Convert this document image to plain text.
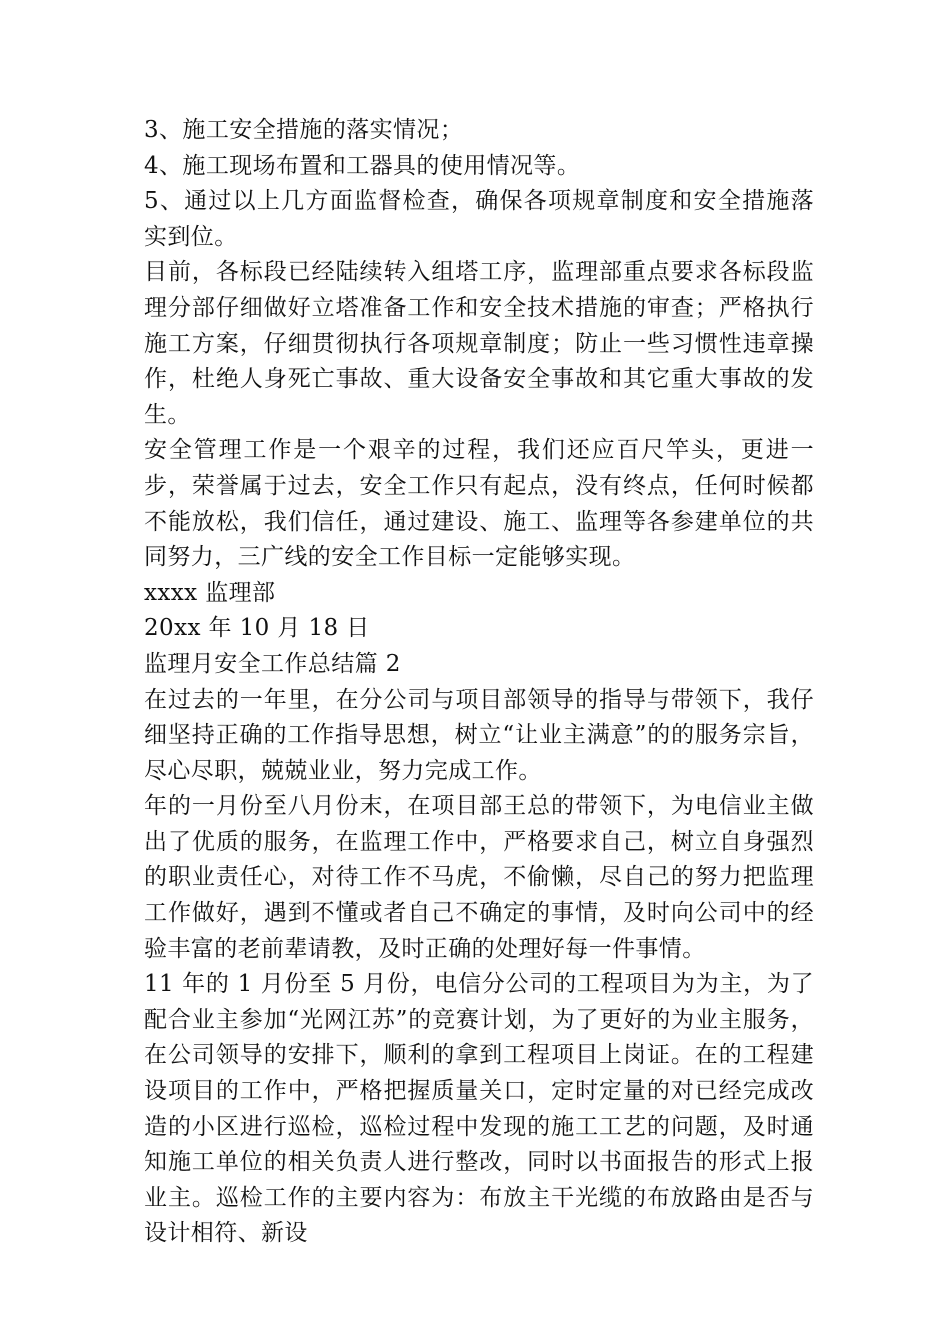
3、施工安全措施的落实情况；

4、施工现场布置和工器具的使用情况等。

5、通过以上几方面监督检查，确保各项规章制度和安全措施落实到位。

目前，各标段已经陆续转入组塔工序，监理部重点要求各标段监理分部仔细做好立塔准备工作和安全技术措施的审查；严格执行施工方案，仔细贯彻执行各项规章制度；防止一些习惯性违章操作，杜绝人身死亡事故、重大设备安全事故和其它重大事故的发生。

安全管理工作是一个艰辛的过程，我们还应百尺竿头，更进一步，荣誉属于过去，安全工作只有起点，没有终点，任何时候都不能放松，我们信任，通过建设、施工、监理等各参建单位的共同努力，三广线的安全工作目标一定能够实现。

xxxx 监理部

20xx 年 10 月 18 日

监理月安全工作总结篇 2

在过去的一年里，在分公司与项目部领导的指导与带领下，我仔细坚持正确的工作指导思想，树立“让业主满意”的的服务宗旨，尽心尽职，兢兢业业，努力完成工作。

年的一月份至八月份末，在项目部王总的带领下，为电信业主做出了优质的服务，在监理工作中，严格要求自己，树立自身强烈的职业责任心，对待工作不马虎，不偷懒，尽自己的努力把监理工作做好，遇到不懂或者自己不确定的事情，及时向公司中的经验丰富的老前辈请教，及时正确的处理好每一件事情。

11 年的 1 月份至 5 月份，电信分公司的工程项目为为主，为了配合业主参加“光网江苏”的竞赛计划，为了更好的为业主服务，在公司领导的安排下，顺利的拿到工程项目上岗证。在的工程建设项目的工作中，严格把握质量关口，定时定量的对已经完成改造的小区进行巡检，巡检过程中发现的施工工艺的问题，及时通知施工单位的相关负责人进行整改，同时以书面报告的形式上报业主。巡检工作的主要内容为：布放主干光缆的布放路由是否与设计相符、新设
